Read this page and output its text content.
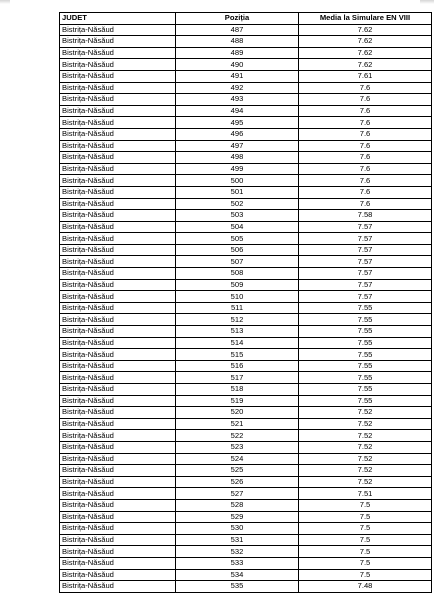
JUDET	Poziția	Media la Simulare EN VIII
Bistrița-Năsăud	487	7.62
Bistrița-Năsăud	488	7.62
Bistrița-Năsăud	489	7.62
Bistrița-Năsăud	490	7.62
Bistrița-Năsăud	491	7.61
Bistrița-Năsăud	492	7.6
Bistrița-Năsăud	493	7.6
Bistrița-Năsăud	494	7.6
Bistrița-Năsăud	495	7.6
Bistrița-Năsăud	496	7.6
Bistrița-Năsăud	497	7.6
Bistrița-Năsăud	498	7.6
Bistrița-Năsăud	499	7.6
Bistrița-Năsăud	500	7.6
Bistrița-Năsăud	501	7.6
Bistrița-Năsăud	502	7.6
Bistrița-Năsăud	503	7.58
Bistrița-Năsăud	504	7.57
Bistrița-Năsăud	505	7.57
Bistrița-Năsăud	506	7.57
Bistrița-Năsăud	507	7.57
Bistrița-Năsăud	508	7.57
Bistrița-Năsăud	509	7.57
Bistrița-Năsăud	510	7.57
Bistrița-Năsăud	511	7.55
Bistrița-Năsăud	512	7.55
Bistrița-Năsăud	513	7.55
Bistrița-Năsăud	514	7.55
Bistrița-Năsăud	515	7.55
Bistrița-Năsăud	516	7.55
Bistrița-Năsăud	517	7.55
Bistrița-Năsăud	518	7.55
Bistrița-Năsăud	519	7.55
Bistrița-Năsăud	520	7.52
Bistrița-Năsăud	521	7.52
Bistrița-Năsăud	522	7.52
Bistrița-Năsăud	523	7.52
Bistrița-Năsăud	524	7.52
Bistrița-Năsăud	525	7.52
Bistrița-Năsăud	526	7.52
Bistrița-Năsăud	527	7.51
Bistrița-Năsăud	528	7.5
Bistrița-Năsăud	529	7.5
Bistrița-Năsăud	530	7.5
Bistrița-Năsăud	531	7.5
Bistrița-Năsăud	532	7.5
Bistrița-Năsăud	533	7.5
Bistrița-Năsăud	534	7.5
Bistrița-Năsăud	535	7.48
